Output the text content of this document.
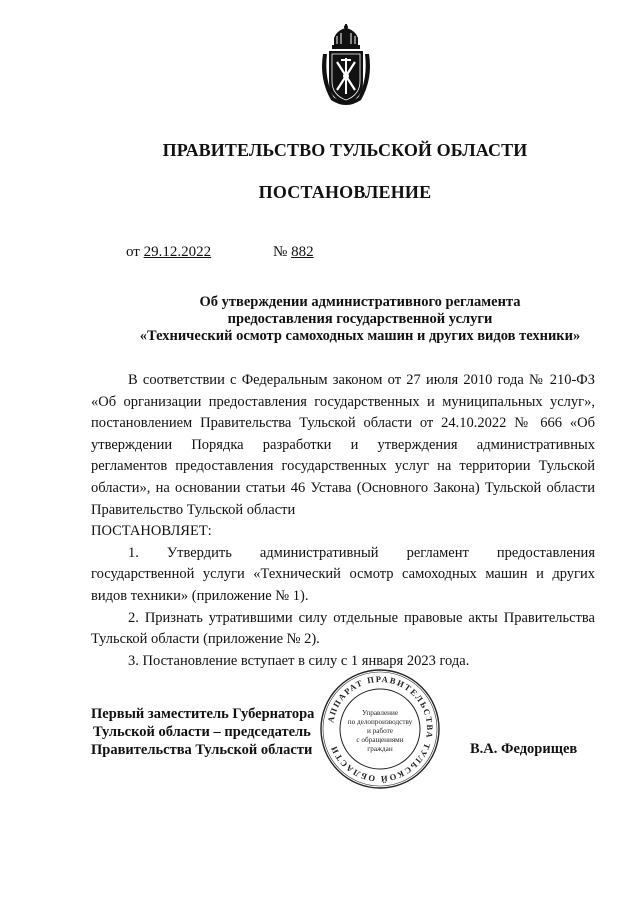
ПРАВИТЕЛЬСТВО ТУЛЬСКОЙ ОБЛАСТИ
ПОСТАНОВЛЕНИЕ
от 29.12.2022	№ 882
Об утверждении административного регламента
предоставления государственной услуги
«Технический осмотр самоходных машин и других видов техники»

В соответствии с Федеральным законом от 27 июля 2010 года № 210-ФЗ «Об организации предоставления государственных и муниципальных услуг», постановлением Правительства Тульской области от 24.10.2022 № 666 «Об утверждении Порядка разработки и утверждения административных регламентов предоставления государственных услуг на территории Тульской области», на основании статьи 46 Устава (Основного Закона) Тульской области Правительство Тульской области

ПОСТАНОВЛЯЕТ:

1. Утвердить административный регламент предоставления государственной услуги «Технический осмотр самоходных машин и других видов техники» (приложение № 1).

2. Признать утратившими силу отдельные правовые акты Правительства Тульской области (приложение № 2).

3. Постановление вступает в силу с 1 января 2023 года.

Первый заместитель Губернатора
Тульской области – председатель
Правительства Тульской области	В.А. Федорищев
АППАРАТ ПРАВИТЕЛЬСТВА ТУЛЬСКОЙ ОБЛАСТИ
Управление
по делопроизводству
и работе
с обращениями
граждан
